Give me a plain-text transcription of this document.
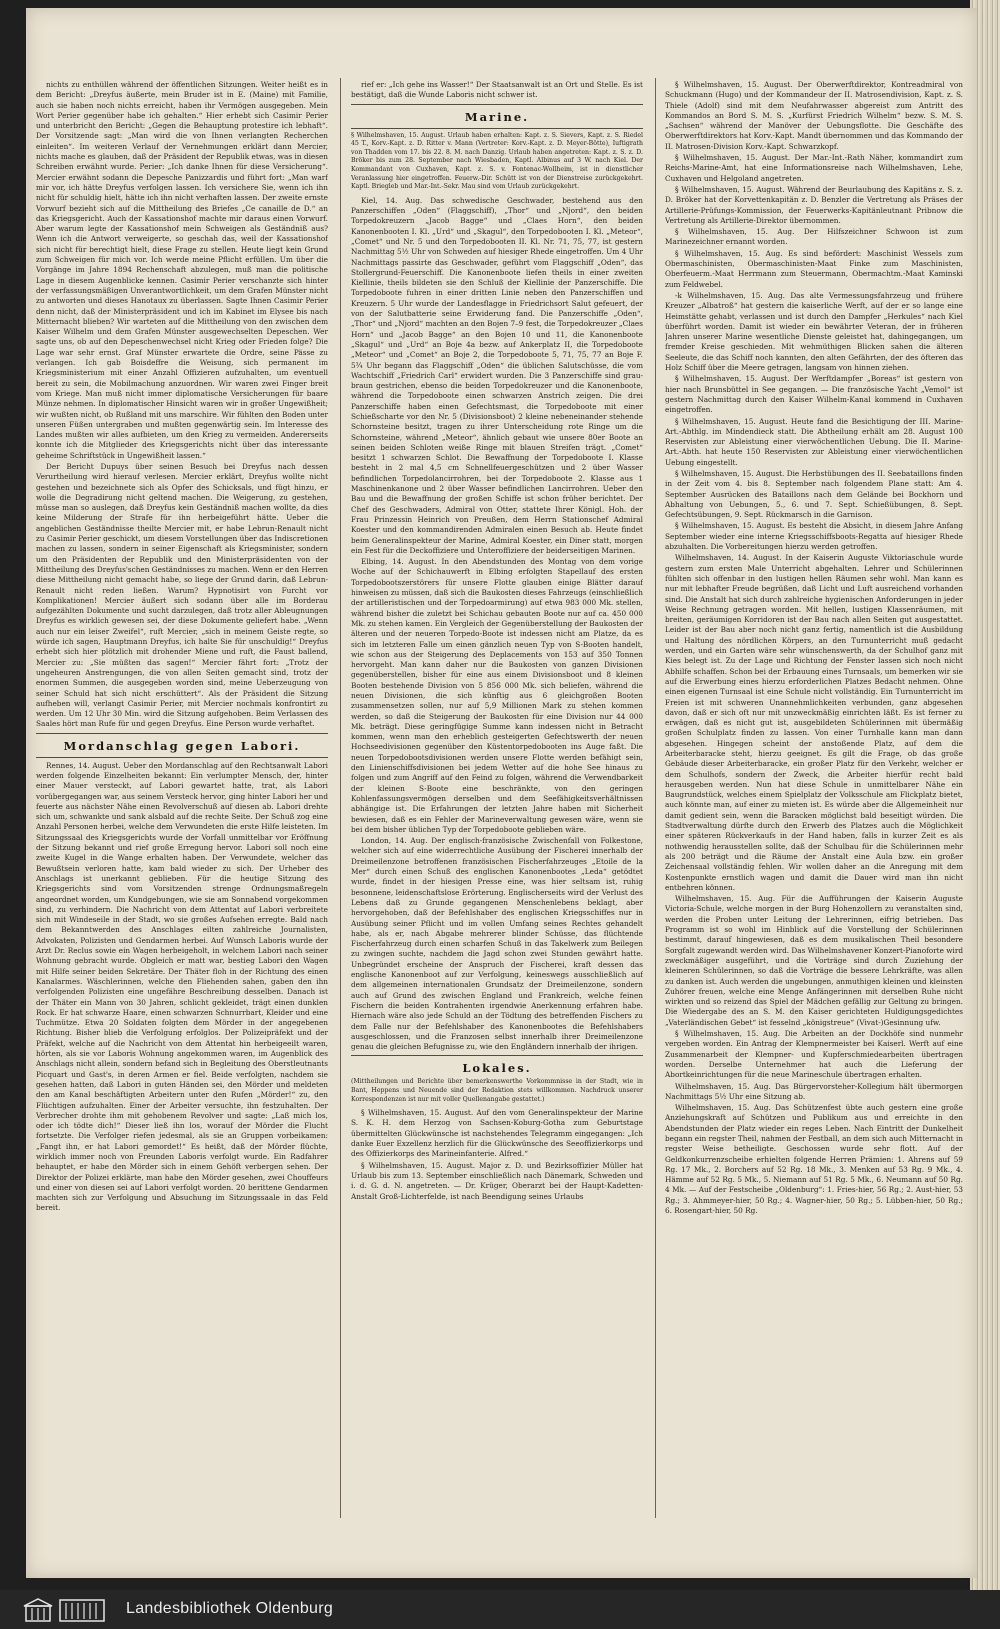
nichts zu enthüllen während der öffentlichen Sitzungen. Weiter heißt es in dem Bericht: „Dreyfus äußerte, mein Bruder ist in E. (Maine) mit Familie, auch sie haben noch nichts erreicht, haben ihr Vermögen ausgegeben. Mein Wort Perier gegenüber habe ich gehalten.“ Hier erhebt sich Casimir Perier und unterbricht den Bericht: „Gegen die Behauptung protestire ich lebhaft“. Der Vorsitzende sagt: „Man wird die von Ihnen verlangten Recherchen einleiten“. Im weiteren Verlauf der Vernehmungen erklärt dann Mercier, nichts mache es glauben, daß der Präsident der Republik etwas, was in diesen Schreiben erwähnt wurde. Perier: „Ich danke Ihnen für diese Versicherung“. Mercier erwähnt sodann die Depesche Panizzardis und führt fort: „Man warf mir vor, ich hätte Dreyfus verfolgen lassen. Ich versichere Sie, wenn ich ihn nicht für schuldig hielt, hätte ich ihn nicht verhaften lassen. Der zweite ernste Vorwurf bezieht sich auf die Mittheilung des Briefes „Ce canaille de D.“ an das Kriegsgericht. Auch der Kassationshof machte mir daraus einen Vorwurf. Aber warum legte der Kassationshof mein Schweigen als Geständniß aus? Wenn ich die Antwort verweigerte, so geschah das, weil der Kassationshof sich nicht für berechtigt hielt, diese Frage zu stellen. Heute liegt kein Grund zum Schweigen für mich vor. Ich werde meine Pflicht erfüllen. Um über die Vorgänge im Jahre 1894 Rechenschaft abzulegen, muß man die politische Lage in diesem Augenblicke kennen. Casimir Perier verschanzte sich hinter der verfassungsmäßigen Unverantwortlichkeit, um dem Grafen Münster nicht zu antworten und dieses Hanotaux zu überlassen. Sagte Ihnen Casimir Perier denn nicht, daß der Ministerpräsident und ich im Kabinet im Elysee bis nach Mitternacht blieben? Wir warteten auf die Mittheilung von den zwischen dem Kaiser Wilhelm und dem Grafen Münster ausgewechselten Depeschen. Wer sagte uns, ob auf den Depeschenwechsel nicht Krieg oder Frieden folge? Die Lage war sehr ernst. Graf Münster erwartete die Ordre, seine Pässe zu verlangen. Ich gab Boisdeffre die Weisung, sich permanent im Kriegsministerium mit einer Anzahl Offizieren aufzuhalten, um eventuell bereit zu sein, die Mobilmachung anzuordnen. Wir waren zwei Finger breit vom Kriege. Man muß nicht immer diplomatische Versicherungen für baare Münze nehmen. In diplomatischer Hinsicht waren wir in großer Ungewißheit; wir wußten nicht, ob Rußland mit uns marschire. Wir fühlten den Boden unter unseren Füßen untergraben und mußten gegenwärtig sein. Im Interesse des Landes mußten wir alles aufbieten, um den Krieg zu vermeiden. Andererseits konnte ich die Mitglieder des Kriegsgerichts nicht über das interessante geheime Schriftstück in Ungewißheit lassen.“

Der Bericht Dupuys über seinen Besuch bei Dreyfus nach dessen Verurtheilung wird hierauf verlesen. Mercier erklärt, Dreyfus wollte nicht gestehen und bezeichnete sich als Opfer des Schicksals, und fügt hinzu, er wolle die Degradirung nicht geltend machen. Die Weigerung, zu gestehen, müsse man so auslegen, daß Dreyfus kein Geständniß machen wollte, da dies keine Milderung der Strafe für ihn herbeigeführt hätte. Ueber die angeblichen Geständnisse theilte Mercier mit, er habe Lebrun-Renault nicht zu Casimir Perier geschickt, um diesem Vorstellungen über das Indiscretionen machen zu lassen, sondern in seiner Eigenschaft als Kriegsminister, sondern um den Präsidenten der Republik und den Ministerpräsidenten von der Mittheilung des Dreyfus'schen Geständnisses zu machen. Wenn er den Herren diese Mittheilung nicht gemacht habe, so liege der Grund darin, daß Lebrun-Renault nicht reden ließen. Warum? Hypnotisirt von Furcht vor Komplikationen! Mercier äußert sich sodann über alle im Borderau aufgezählten Dokumente und sucht darzulegen, daß trotz aller Ableugnungen Dreyfus es wirklich gewesen sei, der diese Dokumente geliefert habe. „Wenn auch nur ein leiser Zweifel“, ruft Mercier, „sich in meinem Geiste regte, so würde ich sagen, Hauptmann Dreyfus, ich halte Sie für unschuldig!“ Dreyfus erhebt sich hier plötzlich mit drohender Miene und ruft, die Faust ballend, Mercier zu: „Sie müßten das sagen!“ Mercier fährt fort: „Trotz der ungeheuren Anstrengungen, die von allen Seiten gemacht sind, trotz der enormen Summen, die ausgegeben worden sind, meine Ueberzeugung von seiner Schuld hat sich nicht erschüttert“. Als der Präsident die Sitzung aufheben will, verlangt Casimir Perier, mit Mercier nochmals konfrontirt zu werden. Um 12 Uhr 30 Min. wird die Sitzung aufgehoben. Beim Verlassen des Saales hört man Rufe für und gegen Dreyfus. Eine Person wurde verhaftet.

Mordanschlag gegen Labori.

Rennes, 14. August. Ueber den Mordanschlag auf den Rechtsanwalt Labori werden folgende Einzelheiten bekannt: Ein verlumpter Mensch, der, hinter einer Mauer versteckt, auf Labori gewartet hatte, trat, als Labori vorübergegangen war, aus seinem Versteck hervor, ging hinter Labori her und feuerte aus nächster Nähe einen Revolverschuß auf diesen ab. Labori drehte sich um, schwankte und sank alsbald auf die rechte Seite. Der Schuß zog eine Anzahl Personen herbei, welche dem Verwundeten die erste Hilfe leisteten. Im Sitzungssaal des Kriegsgerichts wurde der Vorfall unmittelbar vor Eröffnung der Sitzung bekannt und rief große Erregung hervor. Labori soll noch eine zweite Kugel in die Wange erhalten haben. Der Verwundete, welcher das Bewußtsein verloren hatte, kam bald wieder zu sich. Der Urheber des Anschlags ist unerkannt geblieben. Für die heutige Sitzung des Kriegsgerichts sind vom Vorsitzenden strenge Ordnungsmaßregeln angeordnet worden, um Kundgebungen, wie sie am Sonnabend vorgekommen sind, zu verhindern. Die Nachricht von dem Attentat auf Labori verbreitete sich mit Windeseile in der Stadt, wo sie großes Aufsehen erregte. Bald nach dem Bekanntwerden des Anschlages eilten zahlreiche Journalisten, Advokaten, Polizisten und Gendarmen herbei. Auf Wunsch Laboris wurde der Arzt Dr. Reclus sowie ein Wagen herbeigeholt, in welchem Labori nach seiner Wohnung gebracht wurde. Obgleich er matt war, bestieg Labori den Wagen mit Hilfe seiner beiden Sekretäre. Der Thäter floh in der Richtung des einen Kanalarmes. Wäschlerinnen, welche den Fliehenden sahen, gaben den ihn verfolgenden Polizisten eine ungefähre Beschreibung desselben. Danach ist der Thäter ein Mann von 30 Jahren, schlicht gekleidet, trägt einen dunklen Rock. Er hat schwarze Haare, einen schwarzen Schnurrbart, Kleider und eine Tuchmütze. Etwa 20 Soldaten folgten dem Mörder in der angegebenen Richtung. Bisher blieb die Verfolgung erfolglos. Der Polizeipräfekt und der Präfekt, welche auf die Nachricht von dem Attentat hin herbeigeeilt waren, hörten, als sie vor Laboris Wohnung angekommen waren, im Augenblick des Anschlags nicht allein, sondern befand sich in Begleitung des Oberstleutnants Picquart und Gast's, in deren Armen er fiel. Beide verfolgten, nachdem sie gesehen hatten, daß Labori in guten Händen sei, den Mörder und meldeten den am Kanal beschäftigten Arbeitern unter den Rufen „Mörder!“ zu, den Flüchtigen aufzuhalten. Einer der Arbeiter versuchte, ihn festzuhalten. Der Verbrecher drohte ihm mit gehobenem Revolver und sagte: „Laß mich los, oder ich tödte dich!“ Dieser ließ ihn los, worauf der Mörder die Flucht fortsetzte. Die Verfolger riefen jedesmal, als sie an Gruppen vorbeikamen: „Fangt ihn, er hat Labori gemordet!“ Es heißt, daß der Mörder flüchte, wirklich immer noch von Freunden Laboris verfolgt wurde. Ein Radfahrer behauptet, er habe den Mörder sich in einem Gehöft verbergen sehen. Der Direktor der Polizei erklärte, man habe den Mörder gesehen, zwei Chouffeurs und einer von diesen sei auf Labori verfolgt worden. 20 berittene Gendarmen machten sich zur Verfolgung und Absuchung im Sitzungssaale in das Feld bereit.

rief er: „Ich gehe ins Wasser!“ Der Staatsanwalt ist an Ort und Stelle. Es ist bestätigt, daß die Wunde Laboris nicht schwer ist.

Marine.
§ Wilhelmshaven, 15. August. Urlaub haben erhalten: Kapt. z. S. Sievers, Kapt. z. S. Riedel 45 T., Korv.-Kapt. z. D. Ritter v. Mann (Vertreter: Korv.-Kapt. z. D. Meyer-Bötte), Iuftigrath von Thadden vom 17. bis 22. 8. M. nach Danzig. Urlaub haben angetreten: Kapt. z. S. z. D. Bröker bis zum 28. September nach Wiesbaden, Kaptl. Albinus auf 3 W. nach Kiel. Der Kommandant von Cuxhaven, Kapt. z. S. v. Fontenac-Wollheim, ist in dienstlicher Veranlassung hier eingetroffen. Feuerw.-Dir. Schütt ist von der Dienstreise zurückgekehrt. Kaptl. Briegleb und Mar.-Int.-Sekr. Mau sind vom Urlaub zurückgekehrt.

Kiel, 14. Aug. Das schwedische Geschwader, bestehend aus den Panzerschiffen „Oden“ (Flaggschiff), „Thor“ und „Njord“, den beiden Torpedokreuzern „Jacob Bagge“ und „Claes Horn“, den beiden Kanonenbooten I. Kl. „Urd“ und „Skagul“, den Torpedobooten I. Kl. „Meteor“, „Comet“ und Nr. 5 und den Torpedobooten II. Kl. Nr. 71, 75, 77, ist gestern Nachmittag 5½ Uhr von Schweden auf hiesiger Rhede eingetroffen. Um 4 Uhr Nachmittags passirte das Geschwader, geführt vom Flaggschiff „Oden“, das Stollergrund-Feuerschiff. Die Kanonenboote liefen theils in einer zweiten Kiellinie, theils bildeten sie den Schluß der Kiellinie der Panzerschiffe. Die Torpedoboote fuhren in einer dritten Linie neben den Panzerschiffen und Kreuzern. 5 Uhr wurde der Landesflagge in Friedrichsort Salut gefeuert, der von der Salutbatterie seine Erwiderung fand. Die Panzerschiffe „Oden“, „Thor“ und „Njord“ machten an den Bojen 7–9 fest, die Torpedokreuzer „Claes Horn“ und „Jacob Bagge“ an den Bojen 10 und 11, die Kanonenboote „Skagul“ und „Urd“ an Boje 4a bezw. auf Ankerplatz II, die Torpedoboote „Meteor“ und „Comet“ an Boje 2, die Torpedoboote 5, 71, 75, 77 an Boje F. 5¾ Uhr begann das Flaggschiff „Oden“ die üblichen Salutschüsse, die vom Wachtschiff „Friedrich Carl“ erwidert wurden. Die 3 Panzerschiffe sind grau-braun gestrichen, ebenso die beiden Torpedokreuzer und die Kanonenboote, während die Torpedoboote einen schwarzen Anstrich zeigen. Die drei Panzerschiffe haben einen Gefechtsmast, die Torpedoboote mit einer Schießscharte vor den Nr. 5 (Divisionsboot) 2 kleine nebeneinander stehende Schornsteine besitzt, tragen zu ihrer Unterscheidung rote Ringe um die Schornsteine, während „Meteor“, ähnlich gebaut wie unsere 80er Boote an seinen beiden Schloten weiße Ringe mit blauen Streifen trägt. „Comet“ besitzt 1 schwarzen Schlot. Die Bewaffnung der Torpedoboote I. Klasse besteht in 2 mal 4,5 cm Schnellfeuergeschützen und 2 über Wasser befindlichen Torpedolancirrohren, bei der Torpedoboote 2. Klasse aus 1 Maschinenkanone und 2 über Wasser befindlichen Lancirrohren. Ueber den Bau und die Bewaffnung der großen Schiffe ist schon früher berichtet. Der Chef des Geschwaders, Admiral von Otter, stattete Ihrer Königl. Hoh. der Frau Prinzessin Heinrich von Preußen, dem Herrn Stationschef Admiral Koester und den kommandirenden Admiralen einen Besuch ab. Heute findet beim Generalinspekteur der Marine, Admiral Koester, ein Diner statt, morgen ein Fest für die Deckoffiziere und Unteroffiziere der beiderseitigen Marinen.

Elbing, 14. August. In den Abendstunden des Montag von dem vorige Woche auf der Schichauwerft in Elbing erfolgten Stapellauf des ersten Torpedobootszerstörers für unsere Flotte glauben einige Blätter darauf hinweisen zu müssen, daß sich die Baukosten dieses Fahrzeugs (einschließlich der artilleristischen und der Torpedoarmirung) auf etwa 983 000 Mk. stellen, während bisher die zuletzt bei Schichau gebauten Boote nur auf ca. 450 000 Mk. zu stehen kamen. Ein Vergleich der Gegenüberstellung der Baukosten der älteren und der neueren Torpedo-Boote ist indessen nicht am Platze, da es sich im letzteren Falle um einen gänzlich neuen Typ von S-Booten handelt, wie schon aus der Steigerung des Deplacements von 153 auf 350 Tonnen hervorgeht. Man kann daher nur die Baukosten von ganzen Divisionen gegenüberstellen, bisher für eine aus einem Divisionsboot und 8 kleinen Booten bestehende Division von 5 856 000 Mk. sich beliefen, während die neuen Divisionen, die sich künftig aus 6 gleichgroßen Booten zusammensetzen sollen, nur auf 5,9 Millionen Mark zu stehen kommen werden, so daß die Steigerung der Baukosten für eine Division nur 44 000 Mk. beträgt. Diese geringfügige Summe kann indessen nicht in Betracht kommen, wenn man den erheblich gesteigerten Gefechtswerth der neuen Hochseedivisionen gegenüber den Küstentorpedobooten ins Auge faßt. Die neuen Torpedobootsdivisionen werden unsere Flotte werden befähigt sein, den Linienschiffsdivisionen bei jedem Wetter auf die hohe See hinaus zu folgen und zum Angriff auf den Feind zu folgen, während die Verwendbarkeit der kleinen S-Boote eine beschränkte, von den geringen Kohlenfassungsvermögen derselben und dem Seefähigkeitsverhältnissen abhängige ist. Die Erfahrungen der letzten Jahre haben mit Sicherheit bewiesen, daß es ein Fehler der Marineverwaltung gewesen wäre, wenn sie bei dem bisher üblichen Typ der Torpedoboote geblieben wäre.

London, 14. Aug. Der englisch-französische Zwischenfall von Folkestone, welcher sich auf eine widerrechtliche Ausübung der Fischerei innerhalb der Dreimeilenzone betroffenen französischen Fischerfahrzeuges „Etoile de la Mer“ durch einen Schuß des englischen Kanonenbootes „Leda“ getödtet wurde, findet in der hiesigen Presse eine, was hier seltsam ist, ruhig besonnene, leidenschaftslose Erörterung. Englischerseits wird der Verlust des Lebens daß zu Grunde gegangenen Menschenlebens beklagt, aber hervorgehoben, daß der Befehlshaber des englischen Kriegsschiffes nur in Ausübung seiner Pflicht und im vollen Umfang seines Rechtes gehandelt habe, als er, nach Abgabe mehrerer blinder Schüsse, das flüchtende Fischerfahrzeug durch einen scharfen Schuß in das Takelwerk zum Beilegen zu zwingen suchte, nachdem die Jagd schon zwei Stunden gewährt hatte. Unbegründet erscheine der Anspruch der Fischerei, kraft dessen das englische Kanonenboot auf zur Verfolgung, keineswegs ausschließlich auf dem allgemeinen internationalen Grundsatz der Dreimeilenzone, sondern auch auf Grund des zwischen England und Frankreich, welche feinen Fischern die beiden Kontrahenten irgendwie Anerkennung erfahren habe. Hiernach wäre also jede Schuld an der Tödtung des betreffenden Fischers zu dem Falle nur der Befehlshaber des Kanonenbootes die Befehlshabers ausgeschlossen, und die Franzosen selbst innerhalb ihrer Dreimeilenzone genau die gleichen Befugnisse zu, wie den Engländern innerhalb der ihrigen.

Lokales.
(Mittheilungen und Berichte über bemerkenswerthe Vorkommnisse in der Stadt, wie in Bant, Heppens und Neuende sind der Redaktion stets willkommen. Nachdruck unserer Korrespondenzen ist nur mit voller Quellenangabe gestattet.)

§ Wilhelmshaven, 15. August. Auf den vom Generalinspekteur der Marine S. K. H. dem Herzog von Sachsen-Koburg-Gotha zum Geburtstage übermittelten Glückwünsche ist nachstehendes Telegramm eingegangen: „Ich danke Euer Exzellenz herzlich für die Glückwünsche des Seeoffizierkorps und des Offizierkorps des Marineinfanterie. Alfred.“

§ Wilhelmshaven, 15. August. Major z. D. und Bezirksoffizier Müller hat Urlaub bis zum 13. September einschließlich nach Dänemark, Schweden und i. d. G. d. N. angetreten. — Dr. Krüger, Oberarzt bei der Haupt-Kadetten-Anstalt Groß-Lichterfelde, ist nach Beendigung seines Urlaubs

§ Wilhelmshaven, 15. August. Der Oberwerftdirektor, Kontreadmiral von Schuckmann (Hugo) und der Kommandeur der II. Matrosendivision, Kapt. z. S. Thiele (Adolf) sind mit dem Neufahrwasser abgereist zum Antritt des Kommandos an Bord S. M. S. „Kurfürst Friedrich Wilhelm“ bezw. S. M. S. „Sachsen“ während der Manöver der Uebungsflotte. Die Geschäfte des Oberwerftdirektors hat Korv.-Kapt. Mandt übernommen und das Kommando der II. Matrosen-Division Korv.-Kapt. Schwarzkopf.

§ Wilhelmshaven, 15. August. Der Mar.-Int.-Rath Näher, kommandirt zum Reichs-Marine-Amt, hat eine Informationsreise nach Wilhelmshaven, Lehe, Cuxhaven und Helgoland angetreten.

§ Wilhelmshaven, 15. August. Während der Beurlaubung des Kapitäns z. S. z. D. Bröker hat der Korvettenkapitän z. D. Benzler die Vertretung als Präses der Artillerie-Prüfungs-Kommission, der Feuerwerks-Kapitänleutnant Pribnow die Vertretung als Artillerie-Direktor übernommen.

§ Wilhelmshaven, 15. Aug. Der Hilfszeichner Schwoon ist zum Marinezeichner ernannt worden.

§ Wilhelmshaven, 15. Aug. Es sind befördert: Maschinist Wessels zum Obermaschinisten, Obermaschinisten-Maat Finke zum Maschinisten, Oberfeuerm.-Maat Herrmann zum Steuermann, Obermachtm.-Maat Kaminski zum Feldwebel.

-k Wilhelmshaven, 15. Aug. Das alte Vermessungsfahrzeug und frühere Kreuzer „Albatroß“ hat gestern die kaiserliche Werft, auf der er so lange eine Heimstätte gehabt, verlassen und ist durch den Dampfer „Herkules“ nach Kiel überführt worden. Damit ist wieder ein bewährter Veteran, der in früheren Jahren unserer Marine wesentliche Dienste geleistet hat, dahingegangen, um fremder Kreise geschieden. Mit wehmüthigen Blicken sahen die älteren Seeleute, die das Schiff noch kannten, den alten Gefährten, der des öfteren das Holz Schiff über die Meere getragen, langsam von hinnen ziehen.

§ Wilhelmshaven, 15. August. Der Werftdampfer „Boreas“ ist gestern von hier nach Brunsbüttel in See gegangen. — Die französische Yacht „Vemol“ ist gestern Nachmittag durch den Kaiser Wilhelm-Kanal kommend in Cuxhaven eingetroffen.

§ Wilhelmshaven, 15. August. Heute fand die Besichtigung der III. Marine-Art.-Abthlg. im Mindendieck statt. Die Abtheilung erhält am 28. August 100 Reservisten zur Ableistung einer vierwöchentlichen Uebung. Die II. Marine-Art.-Abth. hat heute 150 Reservisten zur Ableistung einer vierwöchentlichen Uebung eingestellt.

§ Wilhelmshaven, 15. August. Die Herbstübungen des II. Seebataillons finden in der Zeit vom 4. bis 8. September nach folgendem Plane statt: Am 4. September Ausrücken des Bataillons nach dem Gelände bei Bockhorn und Abhaltung von Uebungen, 5., 6. und 7. Sept. Schießübungen, 8. Sept. Gefechtsübungen, 9. Sept. Rückmarsch in die Garnison.

§ Wilhelmshaven, 15. August. Es besteht die Absicht, in diesem Jahre Anfang September wieder eine interne Kriegsschiffsboots-Regatta auf hiesiger Rhede abzuhalten. Die Vorbereitungen hierzu werden getroffen.

Wilhelmshaven, 14. August. In der Kaiserin Auguste Viktoriaschule wurde gestern zum ersten Male Unterricht abgehalten. Lehrer und Schülerinnen fühlten sich offenbar in den lustigen hellen Räumen sehr wohl. Man kann es nur mit lebhafter Freude begrüßen, daß Licht und Luft ausreichend vorhanden sind. Die Anstalt hat sich durch zahlreiche hygienischen Anforderungen in jeder Weise Rechnung getragen worden. Mit hellen, lustigen Klassenräumen, mit breiten, geräumigen Korridoren ist der Bau nach allen Seiten gut ausgestattet. Leider ist der Bau aber noch nicht ganz fertig, namentlich ist die Ausbildung und Haltung des nördlichen Körpers, an den Turnunterricht muß gedacht werden, und ein Garten wäre sehr wünschenswerth, da der Schulhof ganz mit Kies belegt ist. Zu der Lage und Richtung der Fenster lassen sich noch nicht Abhilfe schaffen. Schon bei der Erbauung eines Turnsaals, um bemerken wir sie auf die Erwerbung eines hierzu erforderlichen Platzes Bedacht nehmen. Ohne einen eigenen Turnsaal ist eine Schule nicht vollständig. Ein Turnunterricht im Freien ist mit schweren Unannehmlichkeiten verbunden, ganz abgesehen davon, daß er sich oft nur mit unzweckmäßig einrichten läßt. Es ist ferner zu erwägen, daß es nicht gut ist, ausgebildeten Schülerinnen mit übermäßig großen Schulplatz finden zu lassen. Von einer Turnhalle kann man dann abgesehen. Hingegen scheint der anstoßende Platz, auf dem die Arbeiterbaracke steht, hierzu geeignet. Es gilt die Frage, ob das große Gebäude dieser Arbeiterbaracke, ein großer Platz für den Verkehr, welcher er dem Schulhofs, sondern der Zweck, die Arbeiter hierfür recht bald herausgeben werden. Nun hat diese Schule in unmittelbarer Nähe ein Baugrundstück, welches einem Spielplatz der Volksschule am Flickplatz bietet, auch könnte man, auf einer zu mieten ist. Es würde aber die Allgemeinheit nur damit gedient sein, wenn die Baracken möglichst bald beseitigt würden. Die Stadtverwaltung dürfte durch den Erwerb des Platzes auch die Möglichkeit einer späteren Rückverkaufs in der Hand haben, falls in kurzer Zeit es als nothwendig herausstellen sollte, daß der Schulbau für die Schülerinnen mehr als 200 beträgt und die Räume der Anstalt eine Aula bzw. ein großer Zeichensaal vollständig fehlen. Wir wollen daher an die Anregung mit dem Kostenpunkte ernstlich wagen und damit die Dauer wird man ihn nicht entbehren können.

Wilhelmshaven, 15. Aug. Für die Aufführungen der Kaiserin Auguste Victoria-Schule, welche morgen in der Burg Hohenzollern zu veranstalten sind, werden die Proben unter Leitung der Lehrerinnen, eifrig betrieben. Das Programm ist so wohl im Hinblick auf die Vorstellung der Schülerinnen bestimmt, darauf hingewiesen, daß es dem musikalischen Theil besondere Sorgfalt zugewandt werden wird. Das Wilhelmshavener Konzert-Pianoforte wird zweckmäßiger ausgeführt, und die Vorträge sind durch Zuziehung der kleineren Schülerinnen, so daß die Vorträge die bessere Lehrkräfte, was allen zu danken ist. Auch werden die ungebungen, anmuthigen kleinen und kleinsten Zuhörer freuen, welche eine Menge Anfängerinnen mit derselben Ruhe nicht wirkten und so reizend das Spiel der Mädchen gefällig zur Geltung zu bringen. Die Wiedergabe des an S. M. den Kaiser gerichteten Huldigungsgedichtes „Vaterländischen Gebet“ ist fesselnd „königstreue“ (Vivat-)Gesinnung ufw.

§ Wilhelmshaven, 15. Aug. Die Arbeiten an der Dockhöfe sind nunmehr vergeben worden. Ein Antrag der Klempnermeister bei Kaiserl. Werft auf eine Zusammenarbeit der Klempner- und Kupferschmiedearbeiten übertragen worden. Derselbe Unternehmer hat auch die Lieferung der Abortkeinrichtungen für die neue Marineschule übertragen erhalten.

Wilhelmshaven, 15. Aug. Das Bürgervorsteher-Kollegium hält übermorgen Nachmittags 5½ Uhr eine Sitzung ab.

Wilhelmshaven, 15. Aug. Das Schützenfest übte auch gestern eine große Anziehungskraft auf Schützen und Publikum aus und erreichte in den Abendstunden der Platz wieder ein reges Leben. Nach Eintritt der Dunkelheit begann ein regster Theil, nahmen der Festball, an dem sich auch Mitternacht in regster Weise betheiligte. Geschossen wurde sehr flott. Auf der Geldkonkurrenzscheibe erhielten folgende Herren Prämien: 1. Ahrens auf 59 Rg. 17 Mk., 2. Borchers auf 52 Rg. 18 Mk., 3. Menken auf 53 Rg. 9 Mk., 4. Hämme auf 52 Rg. 5 Mk., 5. Niemann auf 51 Rg. 5 Mk., 6. Neumann auf 50 Rg. 4 Mk. — Auf der Festscheibe „Oldenburg“: 1. Fries-hier, 56 Rg.; 2. Aust-hier, 53 Rg.; 3. Ahmmeyer-hier, 50 Rg.; 4. Wagner-hier, 50 Rg.; 5. Lübben-hier, 50 Rg.; 6. Rosengart-hier, 50 Rg.

Landesbibliothek Oldenburg
